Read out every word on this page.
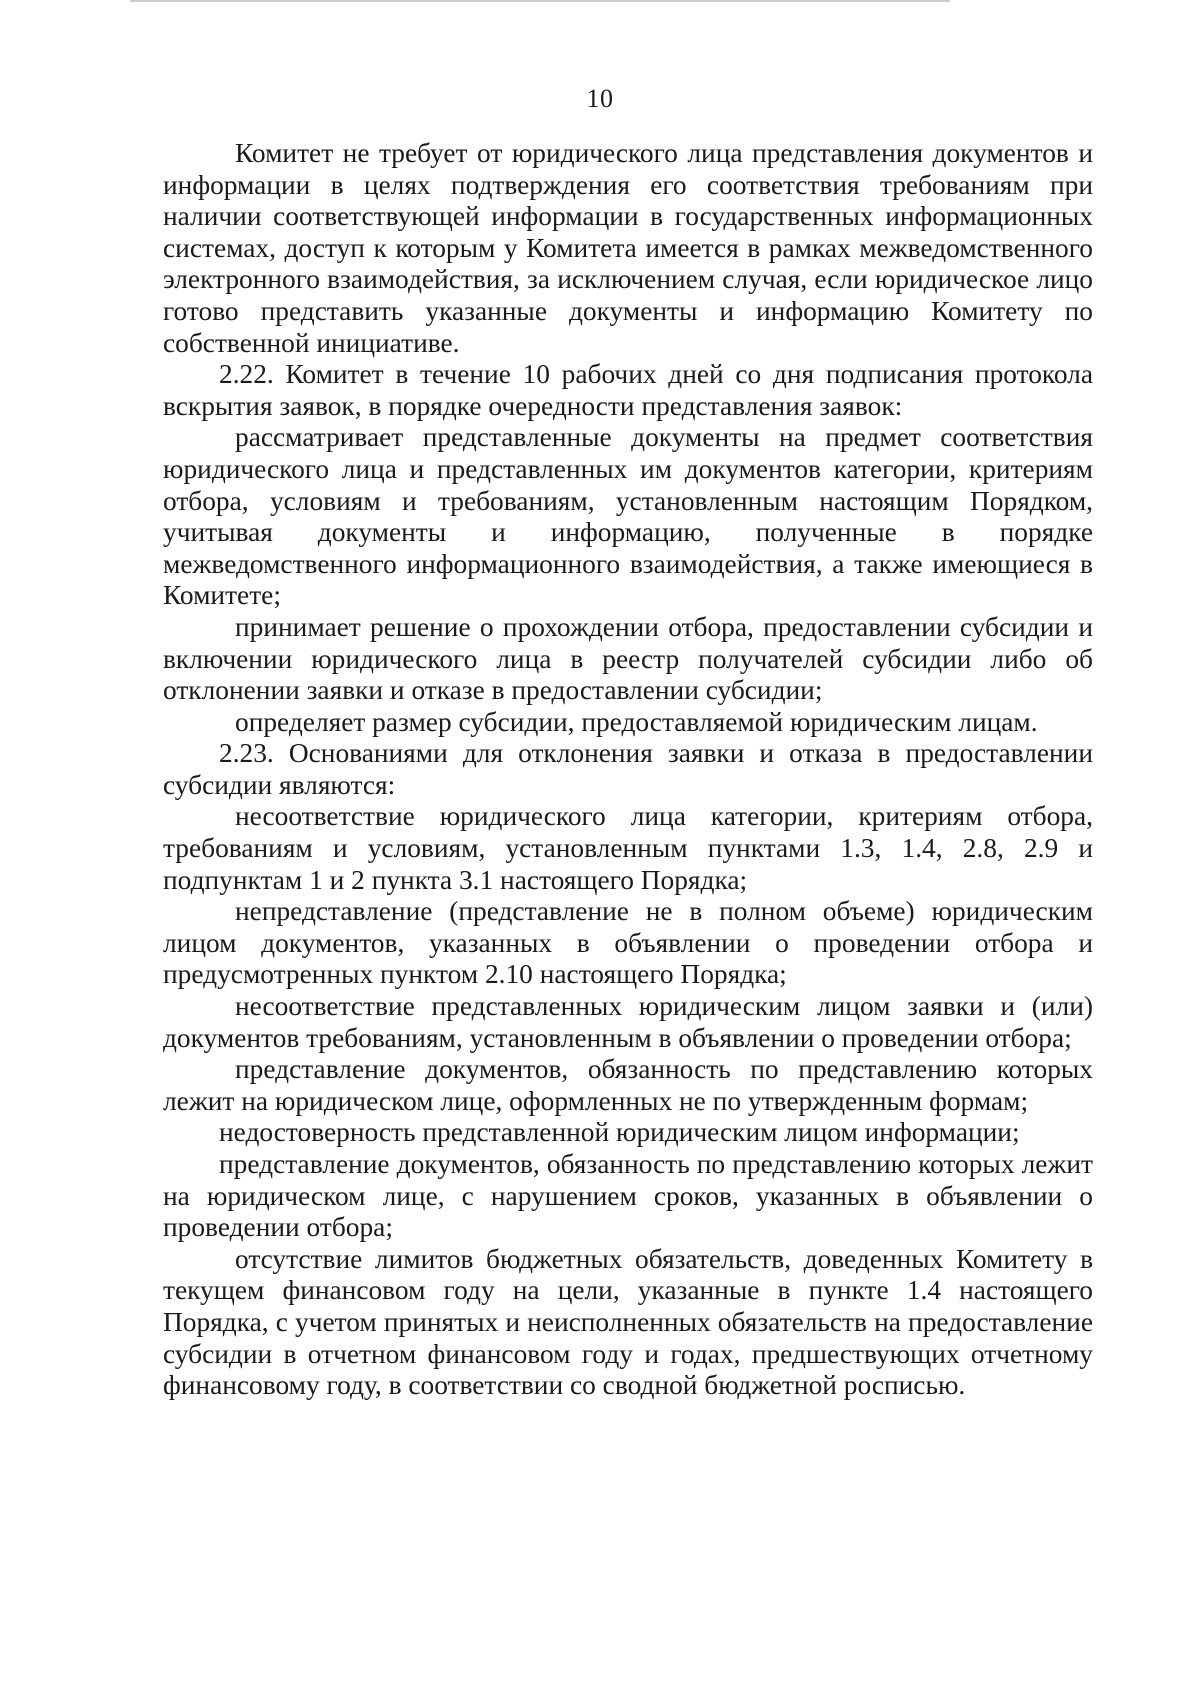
10

Комитет не требует от юридического лица представления документов и информации в целях подтверждения его соответствия требованиям при наличии соответствующей информации в государственных информационных системах, доступ к которым у Комитета имеется в рамках межведомственного электронного взаимодействия, за исключением случая, если юридическое лицо готово представить указанные документы и информацию Комитету по собственной инициативе.

2.22. Комитет в течение 10 рабочих дней со дня подписания протокола вскрытия заявок, в порядке очередности представления заявок:

рассматривает представленные документы на предмет соответствия юридического лица и представленных им документов категории, критериям отбора, условиям и требованиям, установленным настоящим Порядком, учитывая документы и информацию, полученные в порядке межведомственного информационного взаимодействия, а также имеющиеся в Комитете;

принимает решение о прохождении отбора, предоставлении субсидии и включении юридического лица в реестр получателей субсидии либо об отклонении заявки и отказе в предоставлении субсидии;

определяет размер субсидии, предоставляемой юридическим лицам.

2.23. Основаниями для отклонения заявки и отказа в предоставлении субсидии являются:

несоответствие юридического лица категории, критериям отбора, требованиям и условиям, установленным пунктами 1.3, 1.4, 2.8, 2.9 и подпунктам 1 и 2 пункта 3.1 настоящего Порядка;

непредставление (представление не в полном объеме) юридическим лицом документов, указанных в объявлении о проведении отбора и предусмотренных пунктом 2.10 настоящего Порядка;

несоответствие представленных юридическим лицом заявки и (или) документов требованиям, установленным в объявлении о проведении отбора;

представление документов, обязанность по представлению которых лежит на юридическом лице, оформленных не по утвержденным формам;

недостоверность представленной юридическим лицом информации;

представление документов, обязанность по представлению которых лежит на юридическом лице, с нарушением сроков, указанных в объявлении о проведении отбора;

отсутствие лимитов бюджетных обязательств, доведенных Комитету в текущем финансовом году на цели, указанные в пункте 1.4 настоящего Порядка, с учетом принятых и неисполненных обязательств на предоставление субсидии в отчетном финансовом году и годах, предшествующих отчетному финансовому году, в соответствии со сводной бюджетной росписью.
